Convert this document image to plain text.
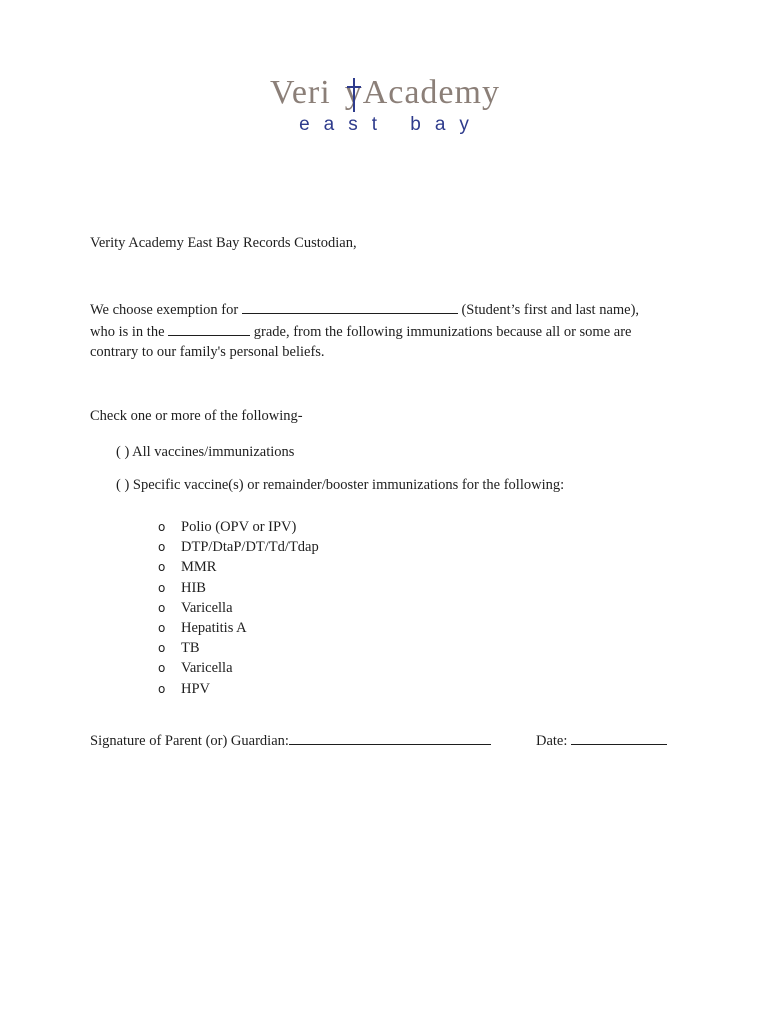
Veri yAcademy
east bay
Verity Academy East Bay Records Custodian,
We choose exemption for	(Student’s first and last name),
who is in the	grade, from the following immunizations because all or some are
contrary to our family's personal beliefs.
Check one or more of the following-
( ) All vaccines/immunizations
( ) Specific vaccine(s) or remainder/booster immunizations for the following:
o Polio (OPV or IPV)
o DTP/DtaP/DT/Td/Tdap
o MMR
o HIB
o Varicella
o Hepatitis A
o TB
o Varicella
o HPV
Signature of Parent (or) Guardian:	Date:
